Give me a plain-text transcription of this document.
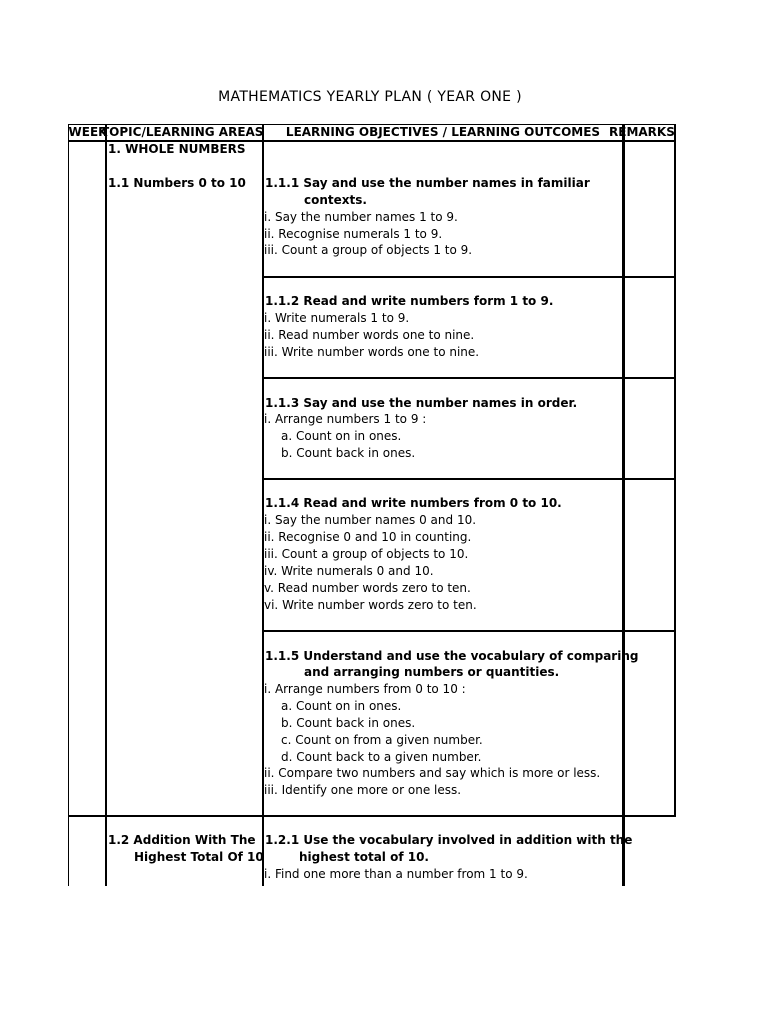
MATHEMATICS YEARLY PLAN ( YEAR ONE )
WEEK
TOPIC/LEARNING AREAS	LEARNING OBJECTIVES / LEARNING OUTCOMES REMARKS
1. WHOLE NUMBERS
1.1 Numbers 0 to 10
1.2 Addition With The
Highest Total Of 10
1.1.1 Say and use the number names in familiar
contexts.
i. Say the number names 1 to 9.
ii. Recognise numerals 1 to 9.
iii. Count a group of objects 1 to 9.
1.1.2 Read and write numbers form 1 to 9.
i. Write numerals 1 to 9.
ii. Read number words one to nine.
iii. Write number words one to nine.
1.1.3 Say and use the number names in order.
i. Arrange numbers 1 to 9 :
a. Count on in ones.
b. Count back in ones.
1.1.4 Read and write numbers from 0 to 10.
i. Say the number names 0 and 10.
ii. Recognise 0 and 10 in counting.
iii. Count a group of objects to 10.
iv. Write numerals 0 and 10.
v. Read number words zero to ten.
vi. Write number words zero to ten.
1.1.5 Understand and use the vocabulary of comparing
and arranging numbers or quantities.
i. Arrange numbers from 0 to 10 :
a. Count on in ones.
b. Count back in ones.
c. Count on from a given number.
d. Count back to a given number.
ii. Compare two numbers and say which is more or less.
iii. Identify one more or one less.
1.2.1 Use the vocabulary involved in addition with the
highest total of 10.
i. Find one more than a number from 1 to 9.
